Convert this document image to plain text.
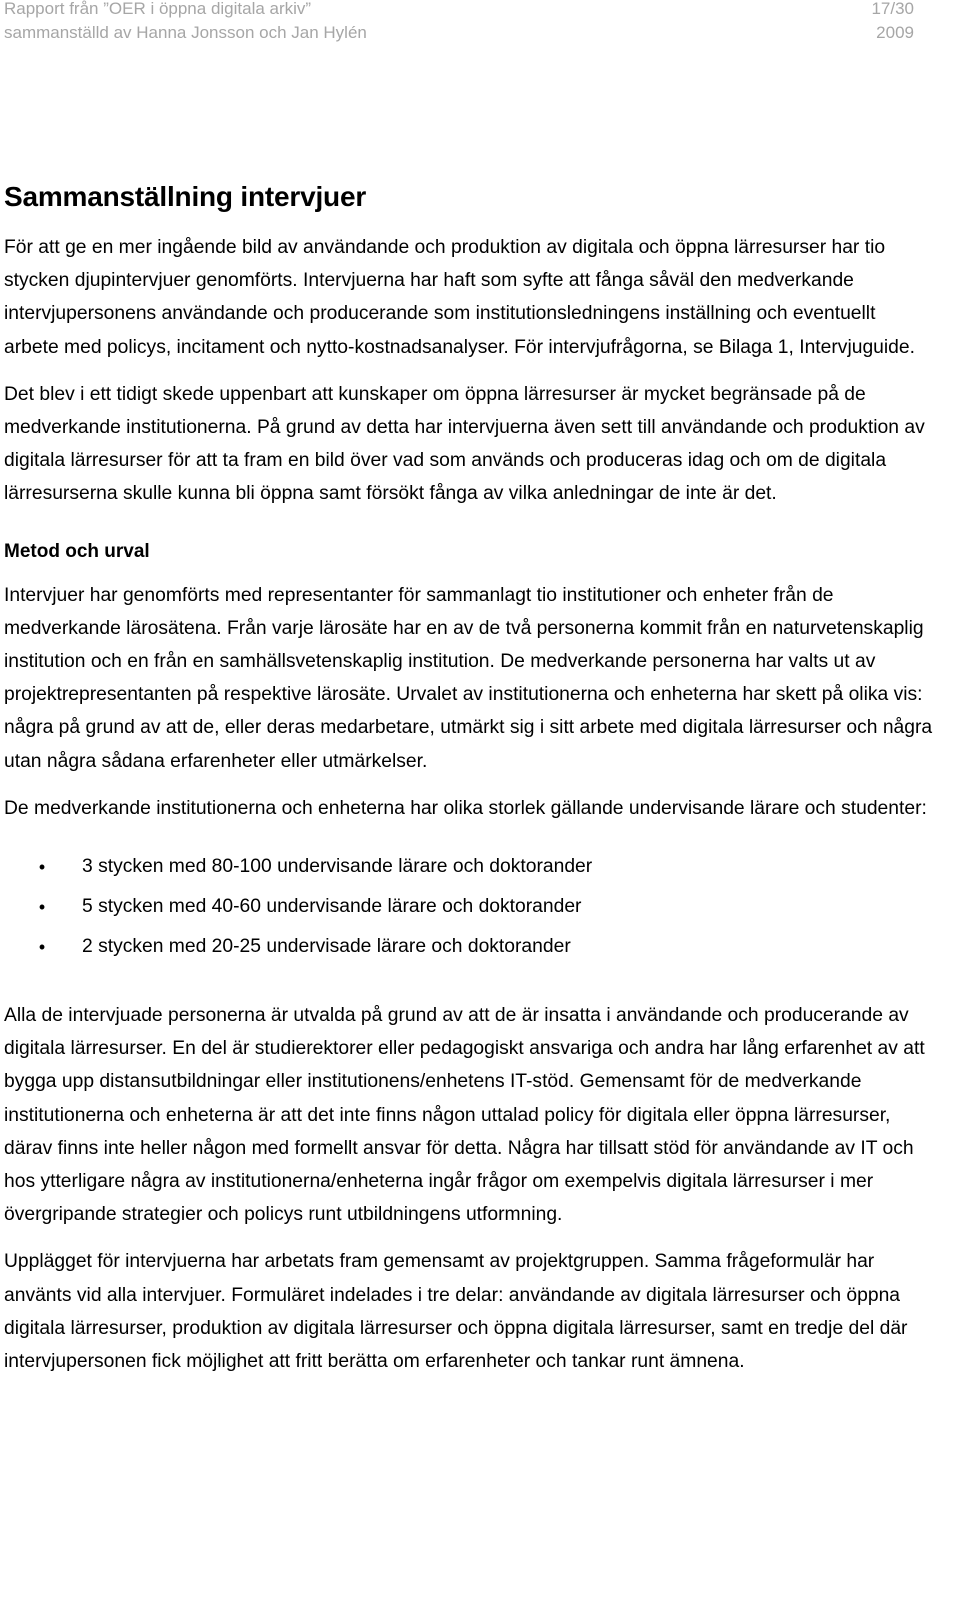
Rapport från ”OER i öppna digitala arkiv”
sammanställd av Hanna Jonsson och Jan Hylén
17/30
2009
Sammanställning intervjuer

För att ge en mer ingående bild av användande och produktion av digitala och öppna lärresurser har tio stycken djupintervjuer genomförts. Intervjuerna har haft som syfte att fånga såväl den medverkande intervjupersonens användande och producerande som institutionsledningens inställning och eventuellt arbete med policys, incitament och nytto-kostnadsanalyser. För intervjufrågorna, se Bilaga 1, Intervjuguide.

Det blev i ett tidigt skede uppenbart att kunskaper om öppna lärresurser är mycket begränsade på de medverkande institutionerna. På grund av detta har intervjuerna även sett till användande och produktion av digitala lärresurser för att ta fram en bild över vad som används och produceras idag och om de digitala lärresurserna skulle kunna bli öppna samt försökt fånga av vilka anledningar de inte är det.

Metod och urval

Intervjuer har genomförts med representanter för sammanlagt tio institutioner och enheter från de medverkande lärosätena. Från varje lärosäte har en av de två personerna kommit från en naturvetenskaplig institution och en från en samhällsvetenskaplig institution. De medverkande personerna har valts ut av projektrepresentanten på respektive lärosäte. Urvalet av institutionerna och enheterna har skett på olika vis: några på grund av att de, eller deras medarbetare, utmärkt sig i sitt arbete med digitala lärresurser och några utan några sådana erfarenheter eller utmärkelser.

De medverkande institutionerna och enheterna har olika storlek gällande undervisande lärare och studenter:

•	3 stycken med 80-100 undervisande lärare och doktorander
•	5 stycken med 40-60 undervisande lärare och doktorander
•	2 stycken med 20-25 undervisade lärare och doktorander

Alla de intervjuade personerna är utvalda på grund av att de är insatta i användande och producerande av digitala lärresurser. En del är studierektorer eller pedagogiskt ansvariga och andra har lång erfarenhet av att bygga upp distansutbildningar eller institutionens/enhetens IT-stöd. Gemensamt för de medverkande institutionerna och enheterna är att det inte finns någon uttalad policy för digitala eller öppna lärresurser, därav finns inte heller någon med formellt ansvar för detta. Några har tillsatt stöd för användande av IT och hos ytterligare några av institutionerna/enheterna ingår frågor om exempelvis digitala lärresurser i mer övergripande strategier och policys runt utbildningens utformning.

Upplägget för intervjuerna har arbetats fram gemensamt av projektgruppen. Samma frågeformulär har använts vid alla intervjuer. Formuläret indelades i tre delar: användande av digitala lärresurser och öppna digitala lärresurser, produktion av digitala lärresurser och öppna digitala lärresurser, samt en tredje del där intervjupersonen fick möjlighet att fritt berätta om erfarenheter och tankar runt ämnena.
